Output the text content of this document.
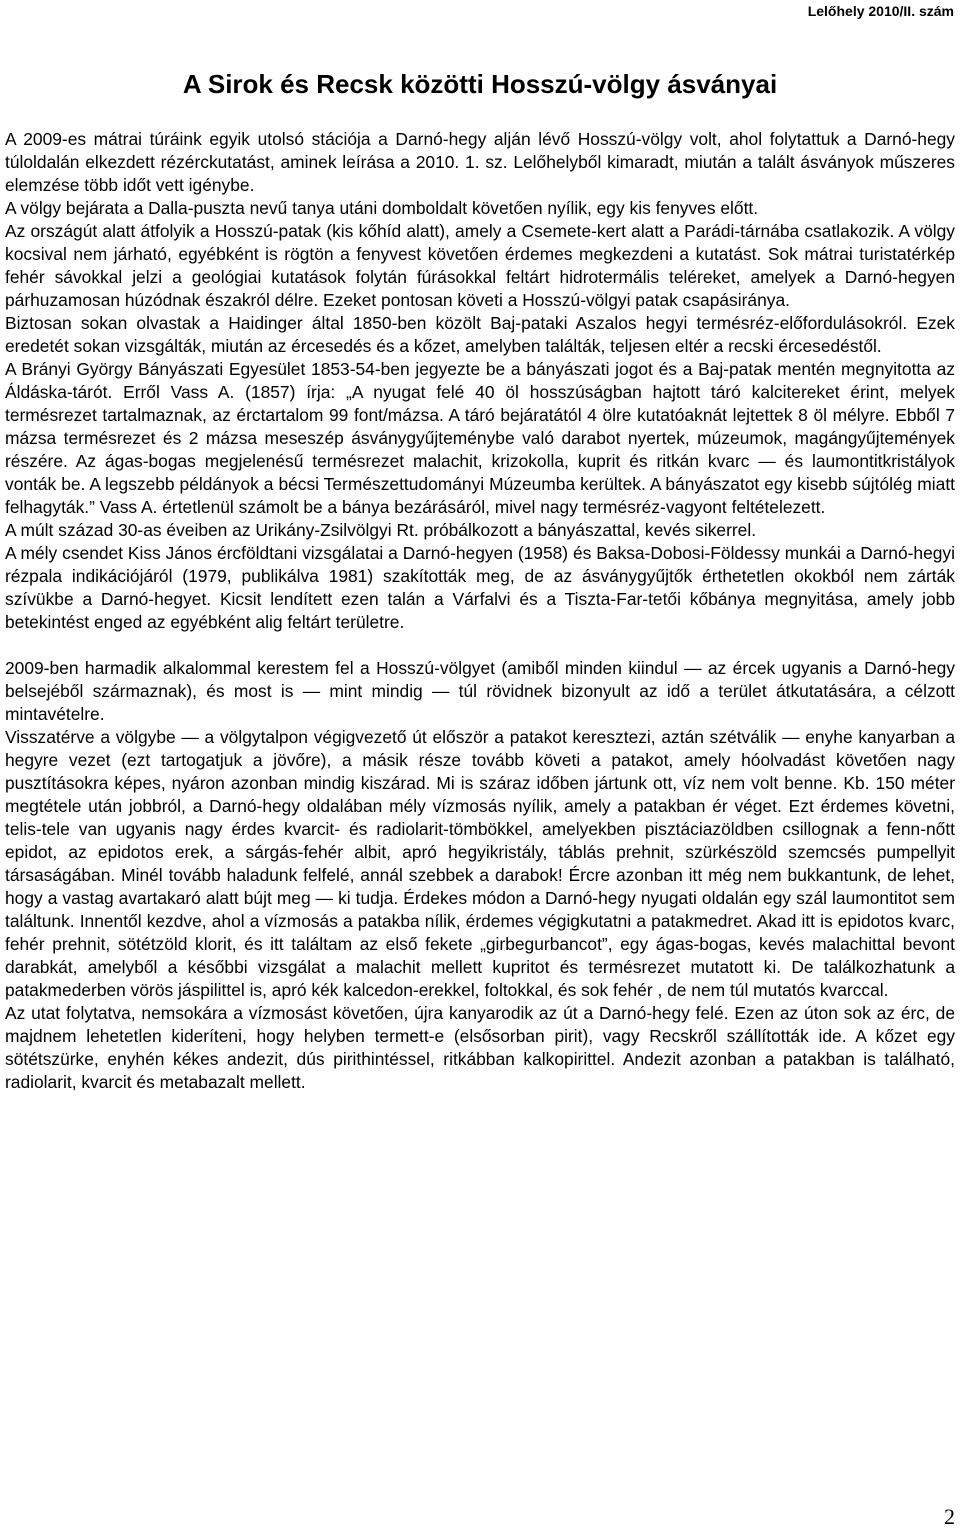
Lelőhely 2010/II. szám
A Sirok és Recsk közötti Hosszú-völgy ásványai

A 2009-es mátrai túráink egyik utolsó stációja a Darnó-hegy alján lévő Hosszú-völgy volt, ahol folytattuk a Darnó-hegy túloldalán elkezdett rézérckutatást, aminek leírása a 2010. 1. sz. Lelőhelyből kimaradt, miután a talált ásványok műszeres elemzése több időt vett igénybe.

A völgy bejárata a Dalla-puszta nevű tanya utáni domboldalt követően nyílik, egy kis fenyves előtt.

Az országút alatt átfolyik a Hosszú-patak (kis kőhíd alatt), amely a Csemete-kert alatt a Parádi-tárnába csatlakozik. A völgy kocsival nem járható, egyébként is rögtön a fenyvest követően érdemes megkezdeni a kutatást. Sok mátrai turistatérkép fehér sávokkal jelzi a geológiai kutatások folytán fúrásokkal feltárt hidrotermális teléreket, amelyek a Darnó-hegyen párhuzamosan húzódnak északról délre. Ezeket pontosan követi a Hosszú-völgyi patak csapásiránya.

Biztosan sokan olvastak a Haidinger által 1850-ben közölt Baj-pataki Aszalos hegyi termésréz-előfordulásokról. Ezek eredetét sokan vizsgálták, miután az ércesedés és a kőzet, amelyben találták, teljesen eltér a recski ércesedéstől.

A Brányi György Bányászati Egyesület 1853-54-ben jegyezte be a bányászati jogot és a Baj-patak mentén megnyitotta az Áldáska-tárót. Erről Vass A. (1857) írja: „A nyugat felé 40 öl hosszúságban hajtott táró kalcitereket érint, melyek termésrezet tartalmaznak, az érctartalom 99 font/mázsa. A táró bejáratától 4 ölre kutatóaknát lejtettek 8 öl mélyre. Ebből 7 mázsa termésrezet és 2 mázsa meseszép ásványgyűjteménybe való darabot nyertek, múzeumok, magángyűjtemények részére. Az ágas-bogas megjelenésű termésrezet malachit, krizokolla, kuprit és ritkán kvarc — és laumontitkristályok vonták be. A legszebb példányok a bécsi Természettudományi Múzeumba kerültek. A bányászatot egy kisebb sújtólég miatt felhagyták.” Vass A. értetlenül számolt be a bánya bezárásáról, mivel nagy termésréz-vagyont feltételezett.

A múlt század 30-as éveiben az Urikány-Zsilvölgyi Rt. próbálkozott a bányászattal, kevés sikerrel.

A mély csendet Kiss János ércföldtani vizsgálatai a Darnó-hegyen (1958) és Baksa-Dobosi-Földessy munkái a Darnó-hegyi rézpala indikációjáról (1979, publikálva 1981) szakították meg, de az ásványgyűjtők érthetetlen okokból nem zárták szívükbe a Darnó-hegyet. Kicsit lendített ezen talán a Várfalvi és a Tiszta-Far-tetői kőbánya megnyitása, amely jobb betekintést enged az egyébként alig feltárt területre.

2009-ben harmadik alkalommal kerestem fel a Hosszú-völgyet (amiből minden kiindul — az ércek ugyanis a Darnó-hegy belsejéből származnak), és most is — mint mindig — túl rövidnek bizonyult az idő a terület átkutatására, a célzott mintavételre.

Visszatérve a völgybe — a völgytalpon végigvezető út először a patakot keresztezi, aztán szétválik — enyhe kanyarban a hegyre vezet (ezt tartogatjuk a jövőre), a másik része tovább követi a patakot, amely hóolvadást követően nagy pusztításokra képes, nyáron azonban mindig kiszárad. Mi is száraz időben jártunk ott, víz nem volt benne. Kb. 150 méter megtétele után jobbról, a Darnó-hegy oldalában mély vízmosás nyílik, amely a patakban ér véget. Ezt érdemes követni, telis-tele van ugyanis nagy érdes kvarcit- és radiolarit-tömbökkel, amelyekben pisztáciazöldben csillognak a fenn-nőtt epidot, az epidotos erek, a sárgás-fehér albit, apró hegyikristály, táblás prehnit, szürkészöld szemcsés pumpellyit társaságában. Minél tovább haladunk felfelé, annál szebbek a darabok! Ércre azonban itt még nem bukkantunk, de lehet, hogy a vastag avartakaró alatt bújt meg — ki tudja. Érdekes módon a Darnó-hegy nyugati oldalán egy szál laumontitot sem találtunk. Innentől kezdve, ahol a vízmosás a patakba nílik, érdemes végigkutatni a patakmedret. Akad itt is epidotos kvarc, fehér prehnit, sötétzöld klorit, és itt találtam az első fekete „girbegurbancot”, egy ágas-bogas, kevés malachittal bevont darabkát, amelyből a későbbi vizsgálat a malachit mellett kupritot és termésrezet mutatott ki. De találkozhatunk a patakmederben vörös jáspilittel is, apró kék kalcedon-erekkel, foltokkal, és sok fehér , de nem túl mutatós kvarccal.

Az utat folytatva, nemsokára a vízmosást követően, újra kanyarodik az út a Darnó-hegy felé. Ezen az úton sok az érc, de majdnem lehetetlen kideríteni, hogy helyben termett-e (elsősorban pirit), vagy Recskről szállították ide. A kőzet egy sötétszürke, enyhén kékes andezit, dús pirithintéssel, ritkábban kalkopirittel. Andezit azonban a patakban is található, radiolarit, kvarcit és metabazalt mellett.

2
